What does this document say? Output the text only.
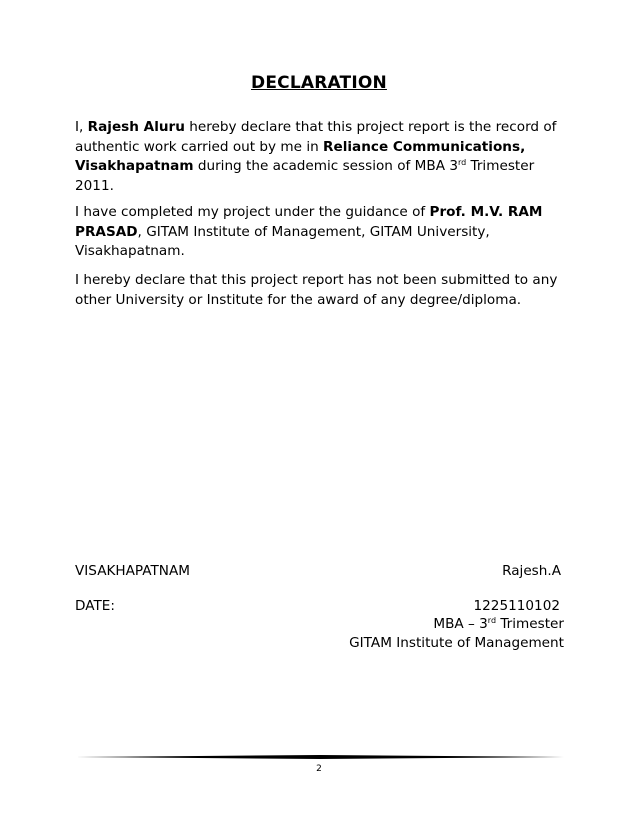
DECLARATION
I, Rajesh Aluru hereby declare that this project report is the record of authentic work carried out by me in Reliance Communications, Visakhapatnam during the academic session of MBA 3rd Trimester 2011.
I have completed my project under the guidance of Prof. M.V. RAM PRASAD, GITAM Institute of Management, GITAM University, Visakhapatnam.
I hereby declare that this project report has not been submitted to any other University or Institute for the award of any degree/diploma.
VISAKHAPATNAM	Rajesh.A
DATE:	1225110102
MBA – 3rd Trimester
GITAM Institute of Management
2
